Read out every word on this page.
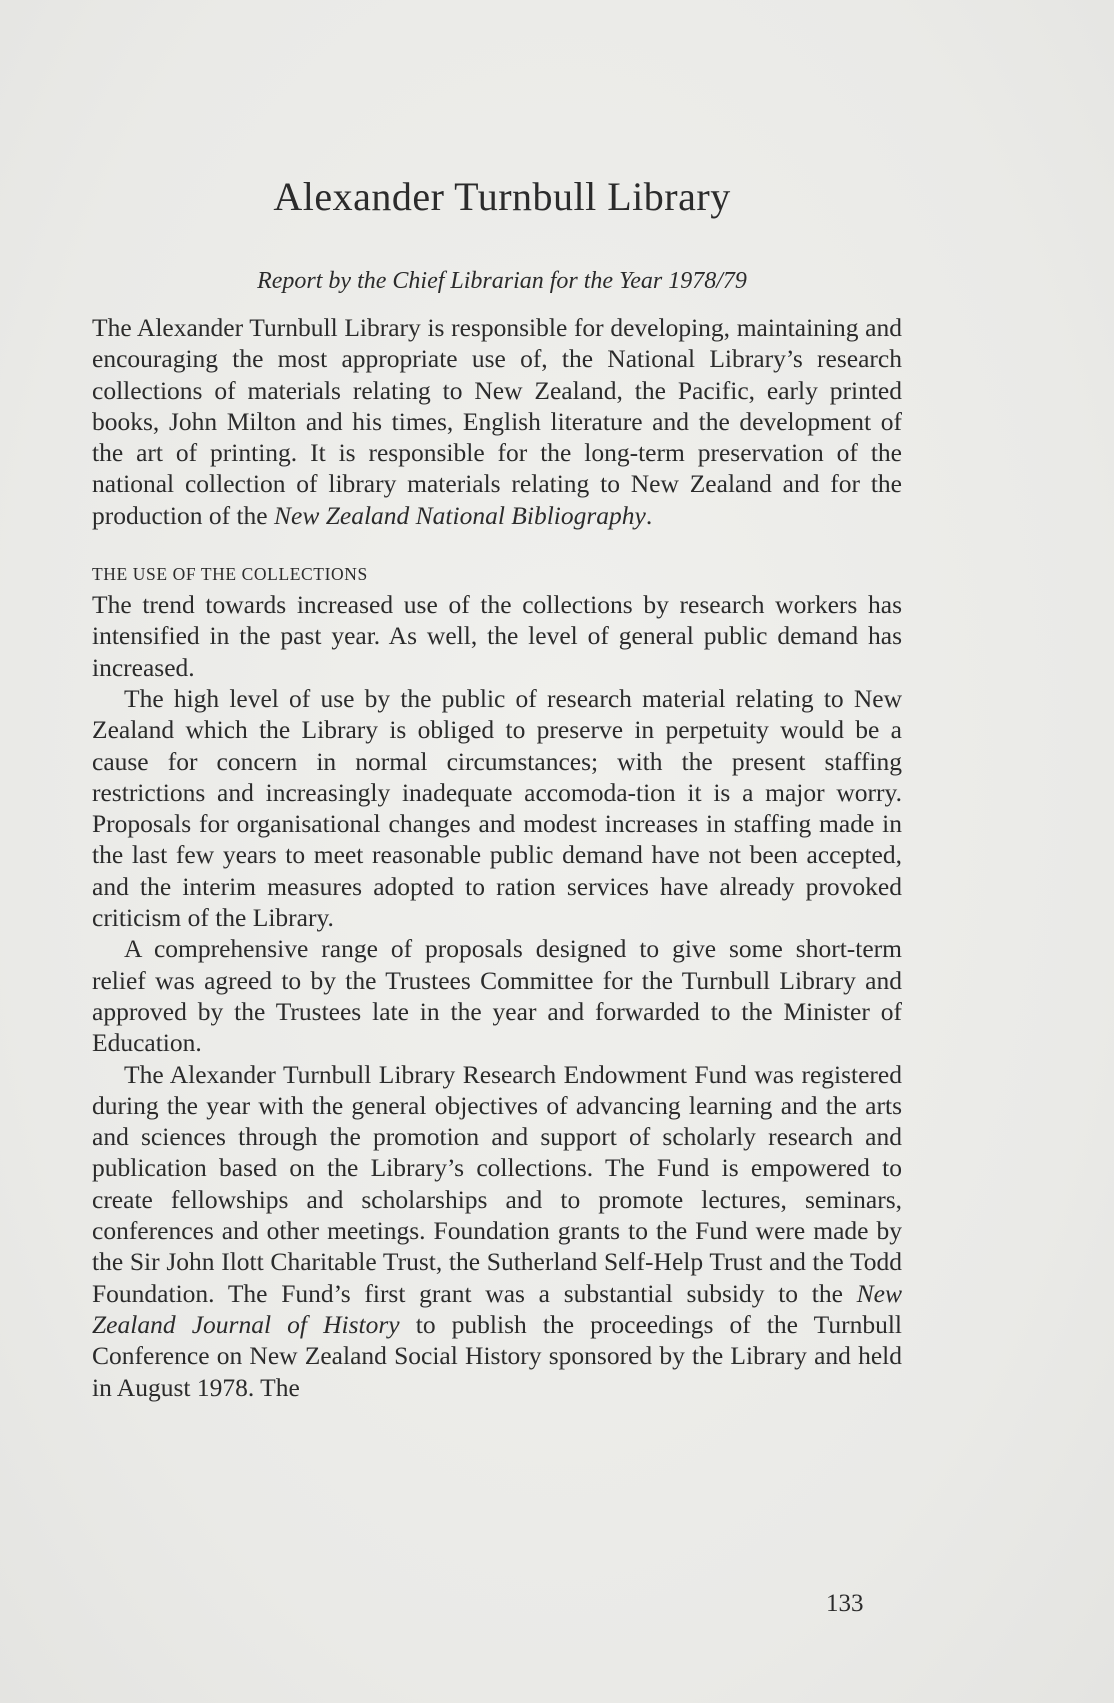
Alexander Turnbull Library

Report by the Chief Librarian for the Year 1978/79

The Alexander Turnbull Library is responsible for developing, maintaining and encouraging the most appropriate use of, the National Library’s research collections of materials relating to New Zealand, the Pacific, early printed books, John Milton and his times, English literature and the development of the art of printing. It is responsible for the long-term preservation of the national collection of library materials relating to New Zealand and for the production of the New Zealand National Bibliography.

THE USE OF THE COLLECTIONS

The trend towards increased use of the collections by research workers has intensified in the past year. As well, the level of general public demand has increased.

The high level of use by the public of research material relating to New Zealand which the Library is obliged to preserve in perpetuity would be a cause for concern in normal circumstances; with the present staffing restrictions and increasingly inadequate accomoda-tion it is a major worry. Proposals for organisational changes and modest increases in staffing made in the last few years to meet reasonable public demand have not been accepted, and the interim measures adopted to ration services have already provoked criticism of the Library.

A comprehensive range of proposals designed to give some short-term relief was agreed to by the Trustees Committee for the Turnbull Library and approved by the Trustees late in the year and forwarded to the Minister of Education.

The Alexander Turnbull Library Research Endowment Fund was registered during the year with the general objectives of advancing learning and the arts and sciences through the promotion and support of scholarly research and publication based on the Library’s collections. The Fund is empowered to create fellowships and scholarships and to promote lectures, seminars, conferences and other meetings. Foundation grants to the Fund were made by the Sir John Ilott Charitable Trust, the Sutherland Self-Help Trust and the Todd Foundation. The Fund’s first grant was a substantial subsidy to the New Zealand Journal of History to publish the proceedings of the Turnbull Conference on New Zealand Social History sponsored by the Library and held in August 1978. The

133
